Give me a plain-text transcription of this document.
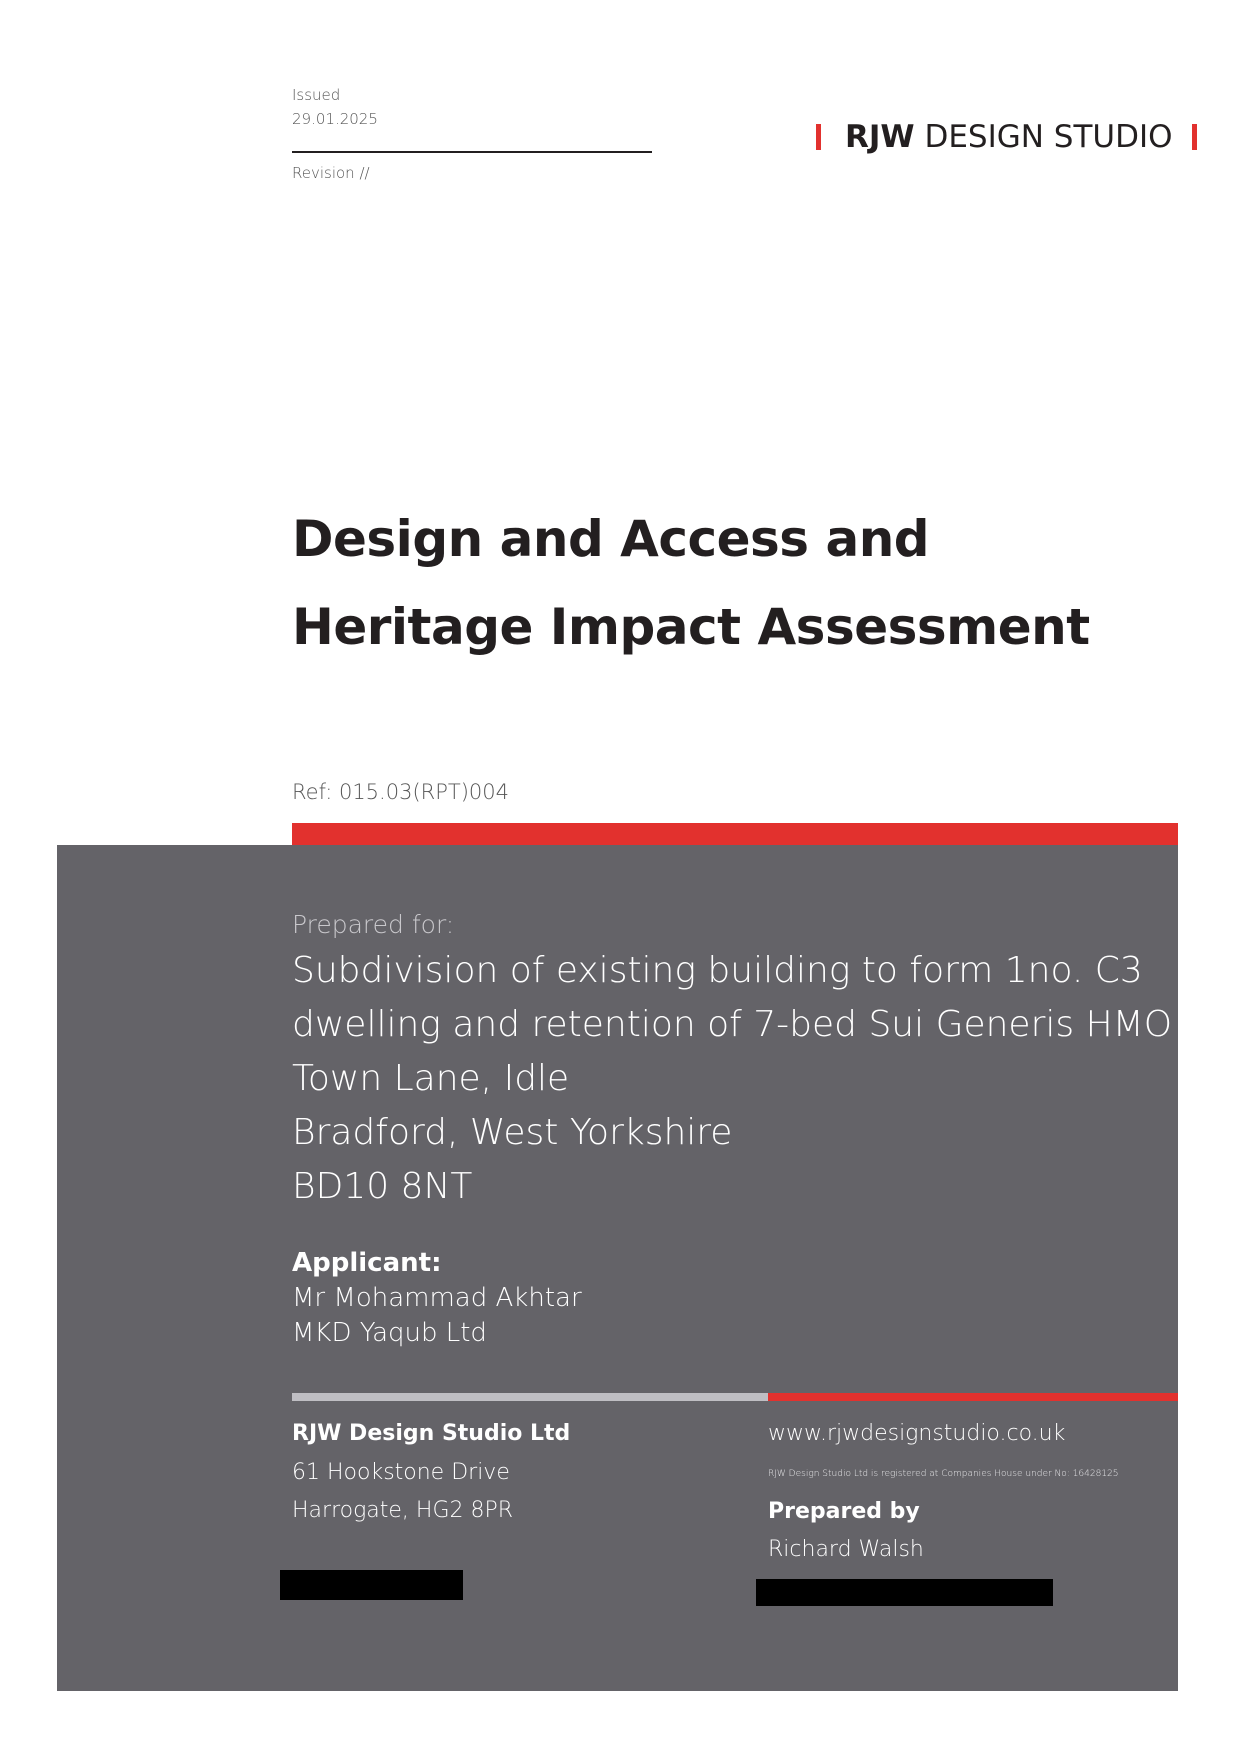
Issued
29.01.2025
Revision //
RJW DESIGN STUDIO
Design and Access and
Heritage Impact Assessment
Ref: 015.03(RPT)004
Prepared for:
Subdivision of existing building to form 1no. C3
dwelling and retention of 7-bed Sui Generis HMO
Town Lane, Idle
Bradford, West Yorkshire
BD10 8NT
Applicant:
Mr Mohammad Akhtar
MKD Yaqub Ltd
RJW Design Studio Ltd
61 Hookstone Drive
Harrogate, HG2 8PR
www.rjwdesignstudio.co.uk
RJW Design Studio Ltd is registered at Companies House under No: 16428125
Prepared by
Richard Walsh
